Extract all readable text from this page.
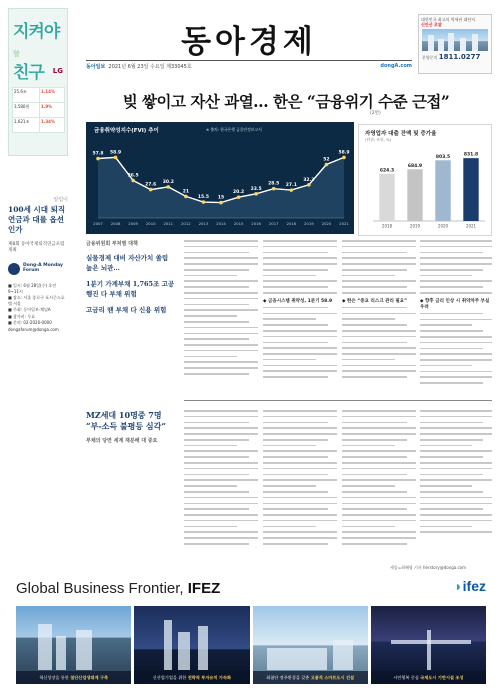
지켜야 할
친구	LG
25.6조	1.14%
3,580원	1.9%
1,621조	1.34%
알림이
100세 시대 퇴직연금과 대를 옵션인가
제8회 동아국제퇴직연금포럼 개최
Dong-A Monday Forum
■ 일시: 6월 28일(수) 오전 9~11시
■ 장소: 서울 종로구 포시즌스호텔 서울
■ 주최: 동아일보·채널A
■ 참가비: 무료
■ 문의: 02-2020-0000
dongaforum@donga.com
동아경제
동아일보 2021년 6월 23일 수요일 제33045호	dongA.com
대한민국 최고의 역세권 대단지
신안산 로얄
분양문의 1811.0277
빚 쌓이고 자산 과열… 한은 “금융위기 수준 근접”
(2면)
57.8
2007
58.9
2008
36.5
2009
27.6
2010
30.2
2011
21
2012
15.5
2013
15
2014
20.2
2015
23.5
2016
28.5
2017
27.1
2018
32.3
2019
52
2020
58.9
2021
금융취약성지수(FVI) 추이	※ 출처: 한국은행 금융안정보고서
624.3
2018
684.9
2019
803.5
2020
831.8
2021
자영업자 대출 잔액 및 증가율
(단위: 조원, %)
금융위원회 부처별 대책
실물경제 대비 자산가치 쏠림 높은 뇌관…
1분기 가계부채 1,765조 고공행진 다 부채 위험
고금리 땐 부채 다 신용 위험
◆ 금융시스템 취약성, 1분기 58.9	◆ 한은 “중요 리스크 관리 필요”	◆ 향후 금리 인상 시 취약차주 부실 우려
MZ세대 10명중 7명 “부-소득 불평등 심각”
부채의 당면 세계 재분배 대 중요
세종=최혜령 기자 herstory@donga.com
Global Business Frontier, IFEZ	◗ifez
혁신성장을 통한 첨단산업생태계 구축	신산업기업을 위한 전략적 투자유치 가속화	최첨단 정주환경을 갖춘 고품격 스마트도시 건설	시민행복 중심 국제도시 기반시설 조성
